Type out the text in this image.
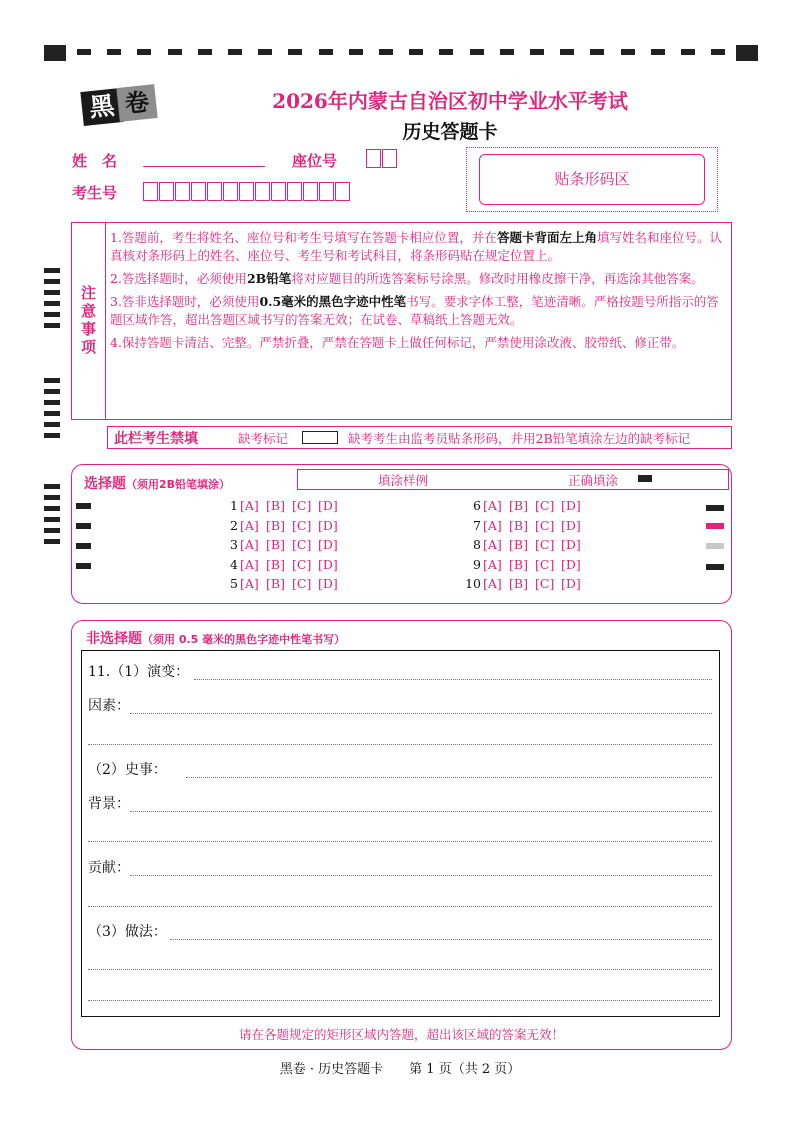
黑 卷	2026年内蒙古自治区初中学业水平考试
历史答题卡
姓　名	座位号
考生号
贴条形码区
注意事项

1.答题前，考生将姓名、座位号和考生号填写在答题卡相应位置，并在答题卡背面左上角填写姓名和座位号。认真核对条形码上的姓名、座位号、考生号和考试科目，将条形码贴在规定位置上。

2.答选择题时，必须使用2B铅笔将对应题目的所选答案标号涂黑。修改时用橡皮擦干净，再选涂其他答案。

3.答非选择题时，必须使用0.5毫米的黑色字迹中性笔书写。要求字体工整，笔迹清晰。严格按题号所指示的答题区域作答，超出答题区域书写的答案无效；在试卷、草稿纸上答题无效。

4.保持答题卡清洁、完整。严禁折叠，严禁在答题卡上做任何标记，严禁使用涂改液、胶带纸、修正带。

此栏考生禁填	缺考标记	缺考考生由监考员贴条形码，并用2B铅笔填涂左边的缺考标记
选择题（须用2B铅笔填涂）	填涂样例	正确填涂
1 [A] [B] [C] [D]
2 [A] [B] [C] [D]
3 [A] [B] [C] [D]
4 [A] [B] [C] [D]
5 [A] [B] [C] [D]
6 [A] [B] [C] [D]
7 [A] [B] [C] [D]
8 [A] [B] [C] [D]
9 [A] [B] [C] [D]
10 [A] [B] [C] [D]
非选择题（须用 0.5 毫米的黑色字迹中性笔书写）
11.（1）演变：
因素：
（2）史事：
背景：
贡献：
（3）做法：
请在各题规定的矩形区域内答题，超出该区域的答案无效！
黑卷 · 历史答题卡　　第 1 页（共 2 页）
